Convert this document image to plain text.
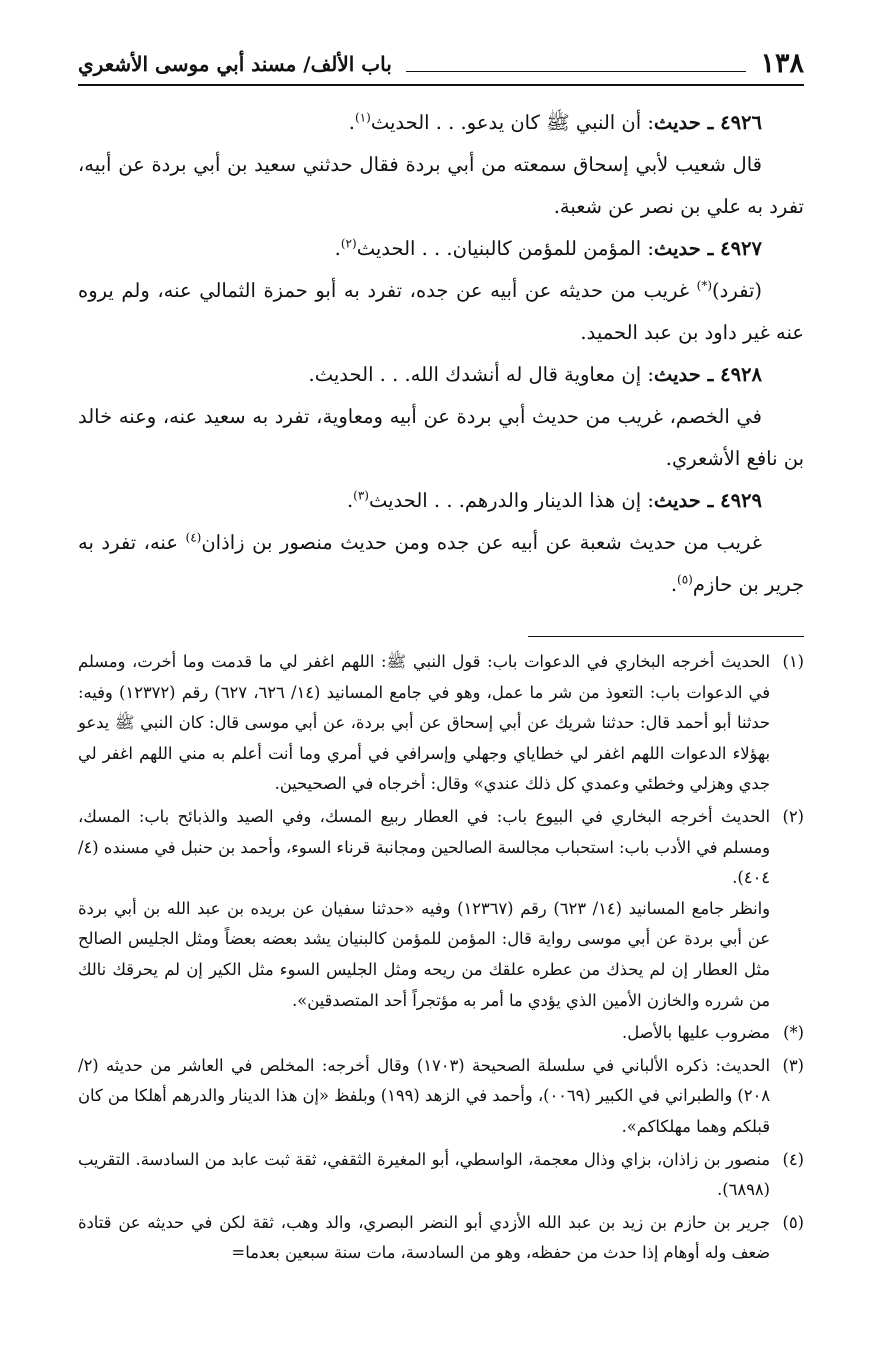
١٣٨
باب الألف/ مسند أبي موسى الأشعري

٤٩٢٦ ـ حديث: أن النبي ﷺ كان يدعو. . . الحديث$^{(١)}$.

قال شعيب لأبي إسحاق سمعته من أبي بردة فقال حدثني سعيد بن أبي بردة عن أبيه، تفرد به علي بن نصر عن شعبة.

٤٩٢٧ ـ حديث: المؤمن للمؤمن كالبنيان. . . الحديث$^{(٢)}$.

(تفرد)(*) غريب من حديثه عن أبيه عن جده، تفرد به أبو حمزة الثمالي عنه، ولم يروه عنه غير داود بن عبد الحميد.

٤٩٢٨ ـ حديث: إن معاوية قال له أنشدك الله. . . الحديث.

في الخصم، غريب من حديث أبي بردة عن أبيه ومعاوية، تفرد به سعيد عنه، وعنه خالد بن نافع الأشعري.

٤٩٢٩ ـ حديث: إن هذا الدينار والدرهم. . . الحديث$^{(٣)}$.

غريب من حديث شعبة عن أبيه عن جده ومن حديث منصور بن زاذان$^{(٤)}$ عنه، تفرد به جرير بن حازم$^{(٥)}$.

(١)

الحديث أخرجه البخاري في الدعوات باب: قول النبي ﷺ: اللهم اغفر لي ما قدمت وما أخرت، ومسلم في الدعوات باب: التعوذ من شر ما عمل، وهو في جامع المسانيد (١٤/ ٦٢٦، ٦٢٧) رقم (١٢٣٧٢) وفيه: حدثنا أبو أحمد قال: حدثنا شريك عن أبي إسحاق عن أبي بردة، عن أبي موسى قال: كان النبي ﷺ يدعو بهؤلاء الدعوات اللهم اغفر لي خطاياي وجهلي وإسرافي في أمري وما أنت أعلم به مني اللهم اغفر لي جدي وهزلي وخطئي وعمدي كل ذلك عندي» وقال: أخرجاه في الصحيحين.

(٢)

الحديث أخرجه البخاري في البيوع باب: في العطار ربيع المسك، وفي الصيد والذبائح باب: المسك، ومسلم في الأدب باب: استحباب مجالسة الصالحين ومجانبة قرناء السوء، وأحمد بن حنبل في مسنده (٤/ ٤٠٤).

وانظر جامع المسانيد (١٤/ ٦٢٣) رقم (١٢٣٦٧) وفيه «حدثنا سفيان عن بريده بن عبد الله بن أبي بردة عن أبي بردة عن أبي موسى رواية قال: المؤمن للمؤمن كالبنيان يشد بعضه بعضاً ومثل الجليس الصالح مثل العطار إن لم يحذك من عطره علقك من ريحه ومثل الجليس السوء مثل الكير إن لم يحرقك نالك من شرره والخازن الأمين الذي يؤدي ما أمر به مؤتجراً أحد المتصدقين».

(*)

مضروب عليها بالأصل.

(٣)

الحديث: ذكره الألباني في سلسلة الصحيحة (١٧٠٣) وقال أخرجه: المخلص في العاشر من حديثه (٢/ ٢٠٨) والطبراني في الكبير (٠٠٦٩)، وأحمد في الزهد (١٩٩) وبلفظ «إن هذا الدينار والدرهم أهلكا من كان قبلكم وهما مهلكاكم».

(٤)

منصور بن زاذان، بزاي وذال معجمة، الواسطي، أبو المغيرة الثقفي، ثقة ثبت عابد من السادسة. التقريب (٦٨٩٨).

(٥)

جرير بن حازم بن زيد بن عبد الله الأزدي أبو النضر البصري، والد وهب، ثقة لكن في حديثه عن قتادة ضعف وله أوهام إذا حدث من حفظه، وهو من السادسة، مات سنة سبعين بعدما=
